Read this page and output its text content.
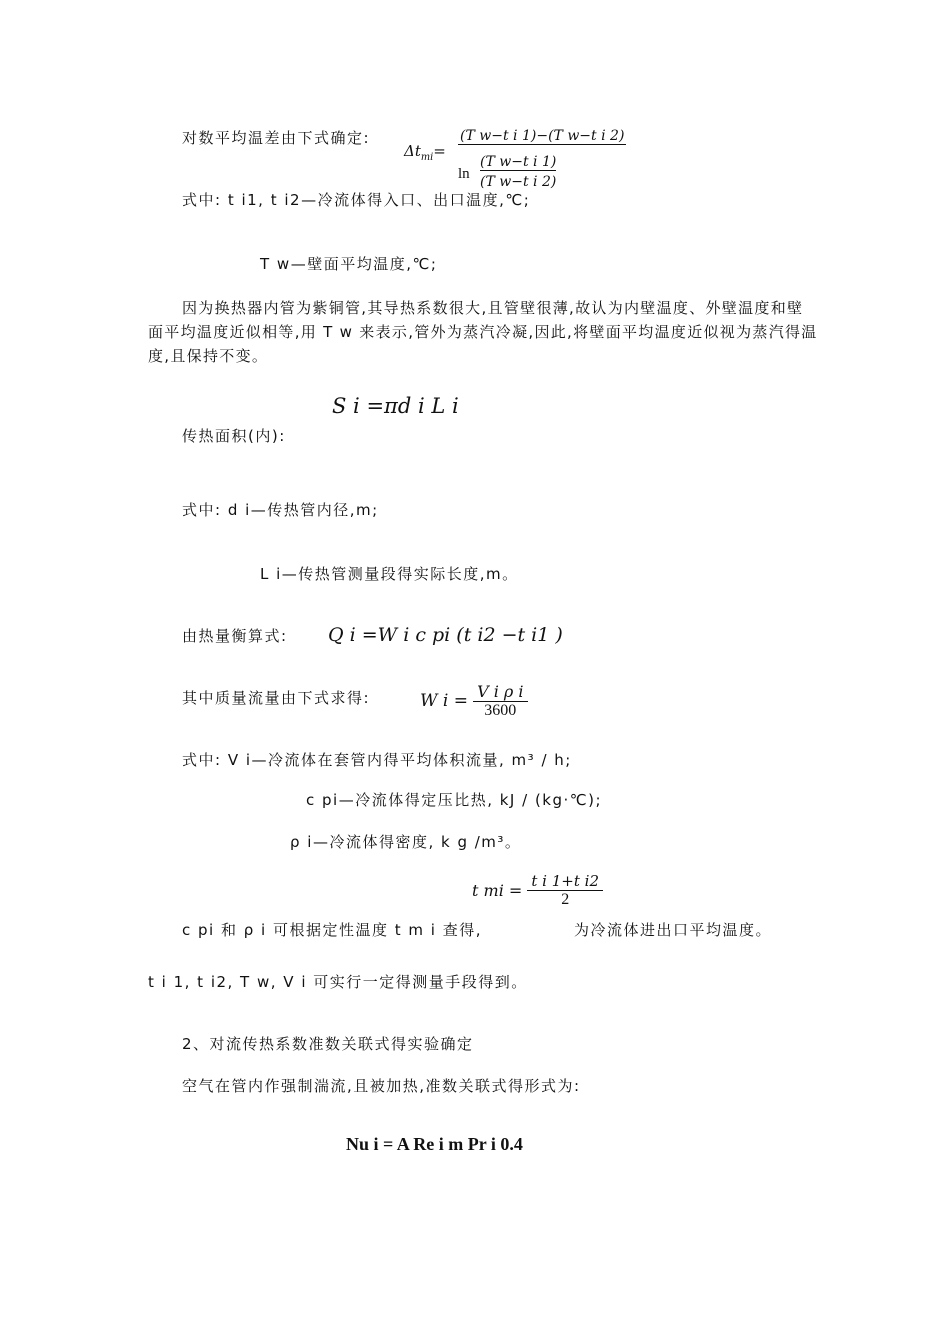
对数平均温差由下式确定:
$\Delta t_{mi}=$
(T w−t i 1)−(T w−t i 2)
ln
(T w−t i 1)
(T w−t i 2)
式中: t i1, t i2—冷流体得入口、出口温度,℃;
T w—壁面平均温度,℃;
因为换热器内管为紫铜管,其导热系数很大,且管壁很薄,故认为内壁温度、外壁温度和壁面平均温度近似相等,用 T w 来表示,管外为蒸汽冷凝,因此,将壁面平均温度近似视为蒸汽得温度,且保持不变。
S i =πd i L i
传热面积(内):
式中: d i—传热管内径,m;
L i—传热管测量段得实际长度,m。
由热量衡算式: Q i =W i c pi (t i2 −t i1 )
其中质量流量由下式求得:	W $i = \frac{\text{V i ρ i}}{3600}$
式中: V i—冷流体在套管内得平均体积流量, m³ / h;
c pi—冷流体得定压比热, kJ / (kg·℃);
ρ i—冷流体得密度, k g /m³。
t mi = $\frac{\text{t i 1+t i2}}{2}$
c pi 和 ρ i 可根据定性温度 t m i 查得,	为冷流体进出口平均温度。
t i 1, t i2, T w, V i 可实行一定得测量手段得到。
2、对流传热系数准数关联式得实验确定
空气在管内作强制湍流,且被加热,准数关联式得形式为:
Nu i = A Re i m Pr i 0.4
